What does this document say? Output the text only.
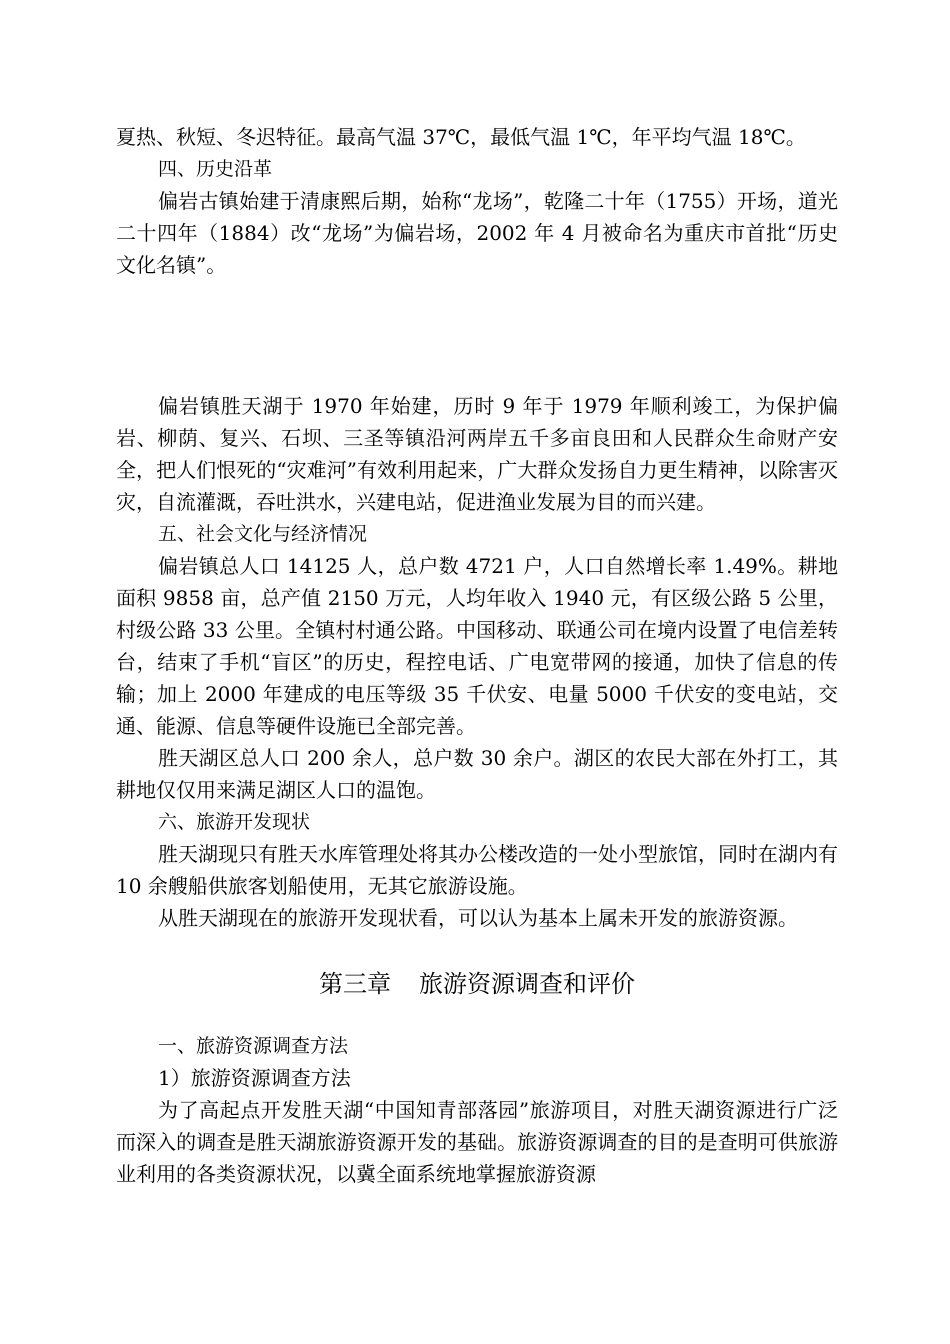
夏热、秋短、冬迟特征。最高气温 37℃，最低气温 1℃，年平均气温 18℃。

四、历史沿革

偏岩古镇始建于清康熙后期，始称“龙场”，乾隆二十年（1755）开场，道光二十四年（1884）改“龙场”为偏岩场，2002 年 4 月被命名为重庆市首批“历史文化名镇”。

偏岩镇胜天湖于 1970 年始建，历时 9 年于 1979 年顺利竣工，为保护偏岩、柳荫、复兴、石坝、三圣等镇沿河两岸五千多亩良田和人民群众生命财产安全，把人们恨死的“灾难河”有效利用起来，广大群众发扬自力更生精神，以除害灭灾，自流灌溉，吞吐洪水，兴建电站，促进渔业发展为目的而兴建。

五、社会文化与经济情况

偏岩镇总人口 14125 人，总户数 4721 户，人口自然增长率 1.49%。耕地面积 9858 亩，总产值 2150 万元，人均年收入 1940 元，有区级公路 5 公里，村级公路 33 公里。全镇村村通公路。中国移动、联通公司在境内设置了电信差转台，结束了手机“盲区”的历史，程控电话、广电宽带网的接通，加快了信息的传输；加上 2000 年建成的电压等级 35 千伏安、电量 5000 千伏安的变电站，交通、能源、信息等硬件设施已全部完善。

胜天湖区总人口 200 余人，总户数 30 余户。湖区的农民大部在外打工，其耕地仅仅用来满足湖区人口的温饱。

六、旅游开发现状

胜天湖现只有胜天水库管理处将其办公楼改造的一处小型旅馆，同时在湖内有 10 余艘船供旅客划船使用，无其它旅游设施。

从胜天湖现在的旅游开发现状看，可以认为基本上属未开发的旅游资源。

第三章 旅游资源调查和评价

一、旅游资源调查方法

1）旅游资源调查方法

为了高起点开发胜天湖“中国知青部落园”旅游项目，对胜天湖资源进行广泛而深入的调查是胜天湖旅游资源开发的基础。旅游资源调查的目的是查明可供旅游业利用的各类资源状况，以冀全面系统地掌握旅游资源
